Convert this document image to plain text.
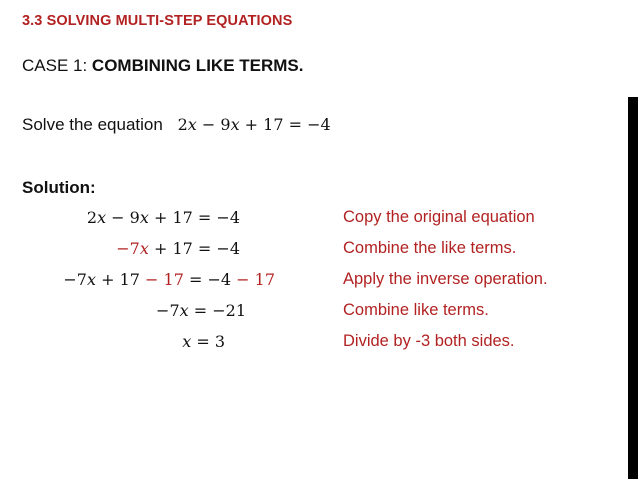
3.3 SOLVING MULTI-STEP EQUATIONS
CASE 1: COMBINING LIKE TERMS.
Solve the equation 2x − 9x + 17 = −4
Solution:
2x − 9x + 17 = −4	Copy the original equation
−7x + 17 = −4	Combine the like terms.
−7x + 17 − 17 = −4 − 17	Apply the inverse operation.
−7x = −21	Combine like terms.
x = 3	Divide by -3 both sides.
